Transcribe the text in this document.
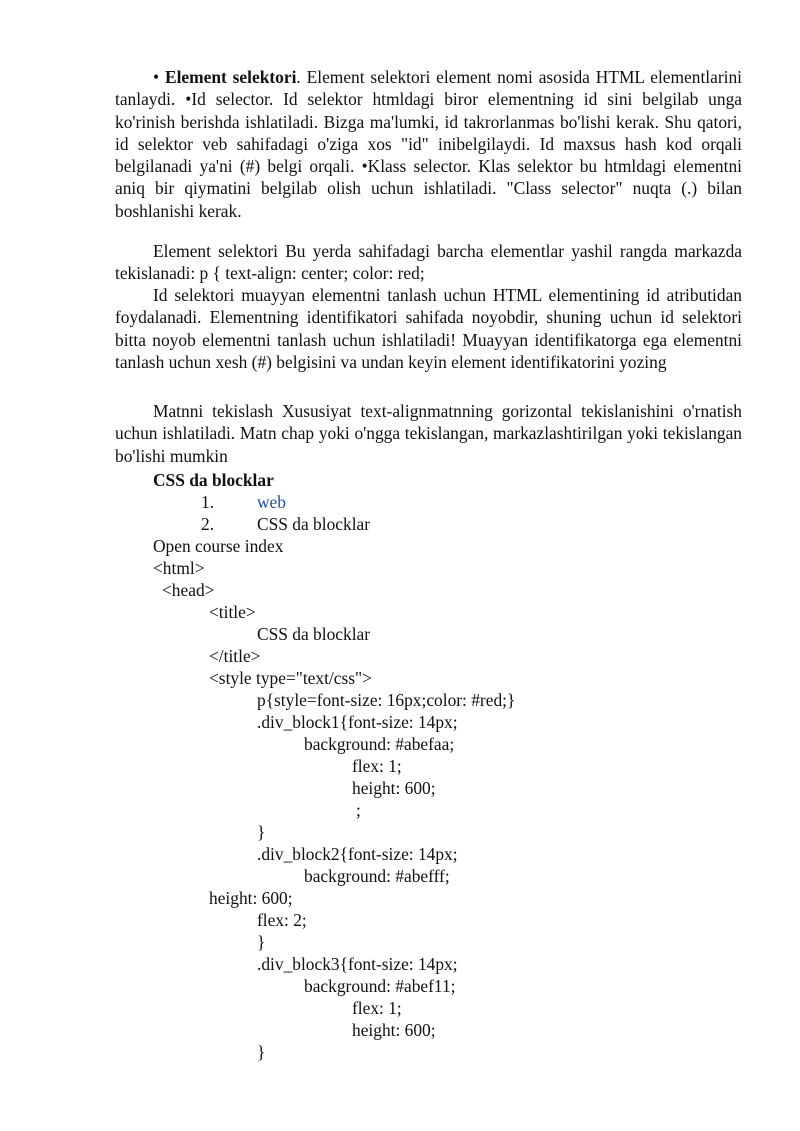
• Element selektori. Element selektori element nomi asosida HTML elementlarini tanlaydi. •Id selector. Id selektor htmldagi biror elementning id sini belgilab unga ko'rinish berishda ishlatiladi. Bizga ma'lumki, id takrorlanmas bo'lishi kerak. Shu qatori, id selektor veb sahifadagi o'ziga xos "id" inibelgilaydi. Id maxsus hash kod orqali belgilanadi ya'ni (#) belgi orqali. •Klass selector. Klas selektor bu htmldagi elementni aniq bir qiymatini belgilab olish uchun ishlatiladi. "Class selector" nuqta (.) bilan boshlanishi kerak.

Element selektori Bu yerda sahifadagi barcha elementlar yashil rangda markazda tekislanadi: p { text-align: center; color: red;

Id selektori muayyan elementni tanlash uchun HTML elementining id atributidan foydalanadi. Elementning identifikatori sahifada noyobdir, shuning uchun id selektori bitta noyob elementni tanlash uchun ishlatiladi! Muayyan identifikatorga ega elementni tanlash uchun xesh (#) belgisini va undan keyin element identifikatorini yozing

Matnni tekislash Xususiyat text-alignmatnning gorizontal tekislanishini o'rnatish uchun ishlatiladi. Matn chap yoki o'ngga tekislangan, markazlashtirilgan yoki tekislangan bo'lishi mumkin

CSS da blocklar
1. web
2. CSS da blocklar
Open course index
<html>
<head>
<title>
CSS da blocklar
</title>
<style type="text/css">
p{style=font-size: 16px;color: #red;}
.div_block1{font-size: 14px;
background: #abefaa;
flex: 1;
height: 600;
;
}
.div_block2{font-size: 14px;
background: #abefff;
height: 600;
flex: 2;
}
.div_block3{font-size: 14px;
background: #abef11;
flex: 1;
height: 600;
}
